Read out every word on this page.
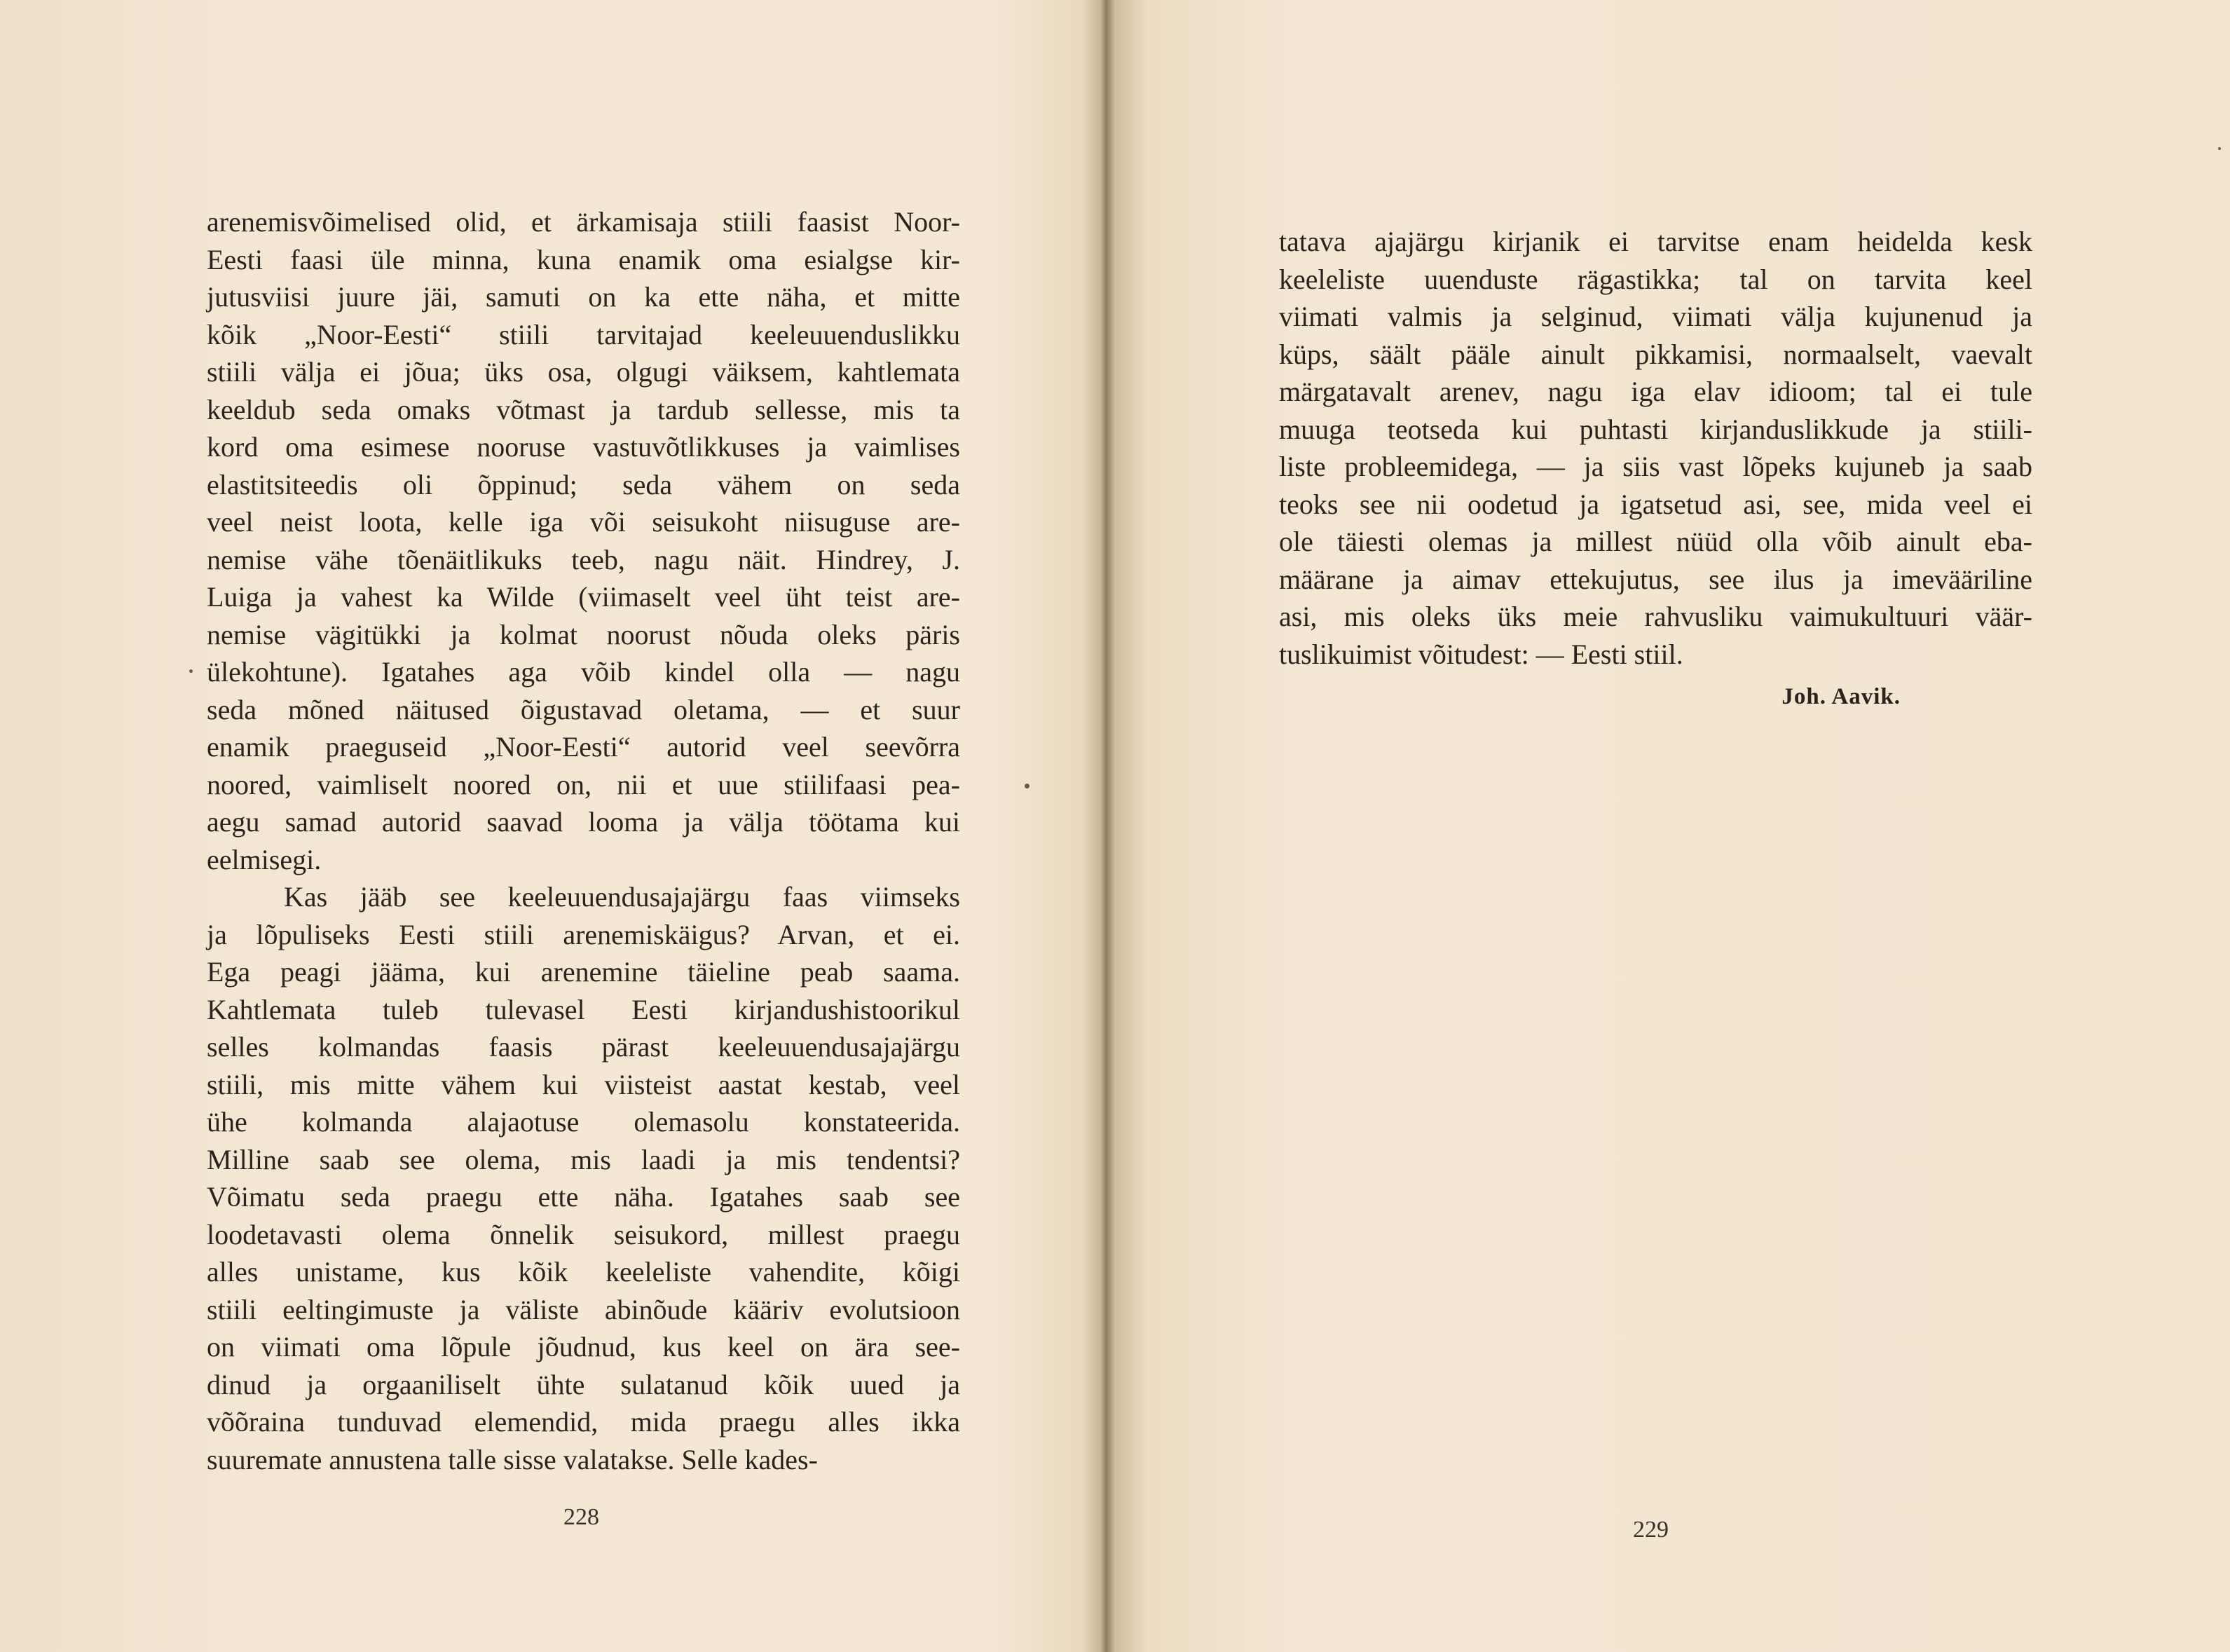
arenemisvõimelised olid, et ärkamisaja stiili faasist Noor-
Eesti faasi üle minna, kuna enamik oma esialgse kir-
jutusviisi juure jäi, samuti on ka ette näha, et mitte
kõik „Noor-Eesti“ stiili tarvitajad keeleuuenduslikku
stiili välja ei jõua; üks osa, olgugi väiksem, kahtlemata
keeldub seda omaks võtmast ja tardub sellesse, mis ta
kord oma esimese nooruse vastuvõtlikkuses ja vaimlises
elastitsiteedis oli õppinud; seda vähem on seda
veel neist loota, kelle iga või seisukoht niisuguse are-
nemise vähe tõenäitlikuks teeb, nagu näit. Hindrey, J.
Luiga ja vahest ka Wilde (viimaselt veel üht teist are-
nemise vägitükki ja kolmat noorust nõuda oleks päris
ülekohtune). Igatahes aga võib kindel olla — nagu
seda mõned näitused õigustavad oletama, — et suur
enamik praeguseid „Noor-Eesti“ autorid veel seevõrra
noored, vaimliselt noored on, nii et uue stiilifaasi pea-
aegu samad autorid saavad looma ja välja töötama kui
eelmisegi.
Kas jääb see keeleuuendusajajärgu faas viimseks
ja lõpuliseks Eesti stiili arenemiskäigus? Arvan, et ei.
Ega peagi jääma, kui arenemine täieline peab saama.
Kahtlemata tuleb tulevasel Eesti kirjandushistoorikul
selles kolmandas faasis pärast keeleuuendusajajärgu
stiili, mis mitte vähem kui viisteist aastat kestab, veel
ühe kolmanda alajaotuse olemasolu konstateerida.
Milline saab see olema, mis laadi ja mis tendentsi?
Võimatu seda praegu ette näha. Igatahes saab see
loodetavasti olema õnnelik seisukord, millest praegu
alles unistame, kus kõik keeleliste vahendite, kõigi
stiili eeltingimuste ja väliste abinõude kääriv evolutsioon
on viimati oma lõpule jõudnud, kus keel on ära see-
dinud ja orgaaniliselt ühte sulatanud kõik uued ja
võõraina tunduvad elemendid, mida praegu alles ikka
suuremate annustena talle sisse valatakse. Selle kades-
228
tatava ajajärgu kirjanik ei tarvitse enam heidelda kesk
keeleliste uuenduste rägastikka; tal on tarvita keel
viimati valmis ja selginud, viimati välja kujunenud ja
küps, säält pääle ainult pikkamisi, normaalselt, vaevalt
märgatavalt arenev, nagu iga elav idioom; tal ei tule
muuga teotseda kui puhtasti kirjanduslikkude ja stiili-
liste probleemidega, — ja siis vast lõpeks kujuneb ja saab
teoks see nii oodetud ja igatsetud asi, see, mida veel ei
ole täiesti olemas ja millest nüüd olla võib ainult eba-
määrane ja aimav ettekujutus, see ilus ja imevääriline
asi, mis oleks üks meie rahvusliku vaimukultuuri väär-
tuslikuimist võitudest: — Eesti stiil.
Joh. Aavik.
229
